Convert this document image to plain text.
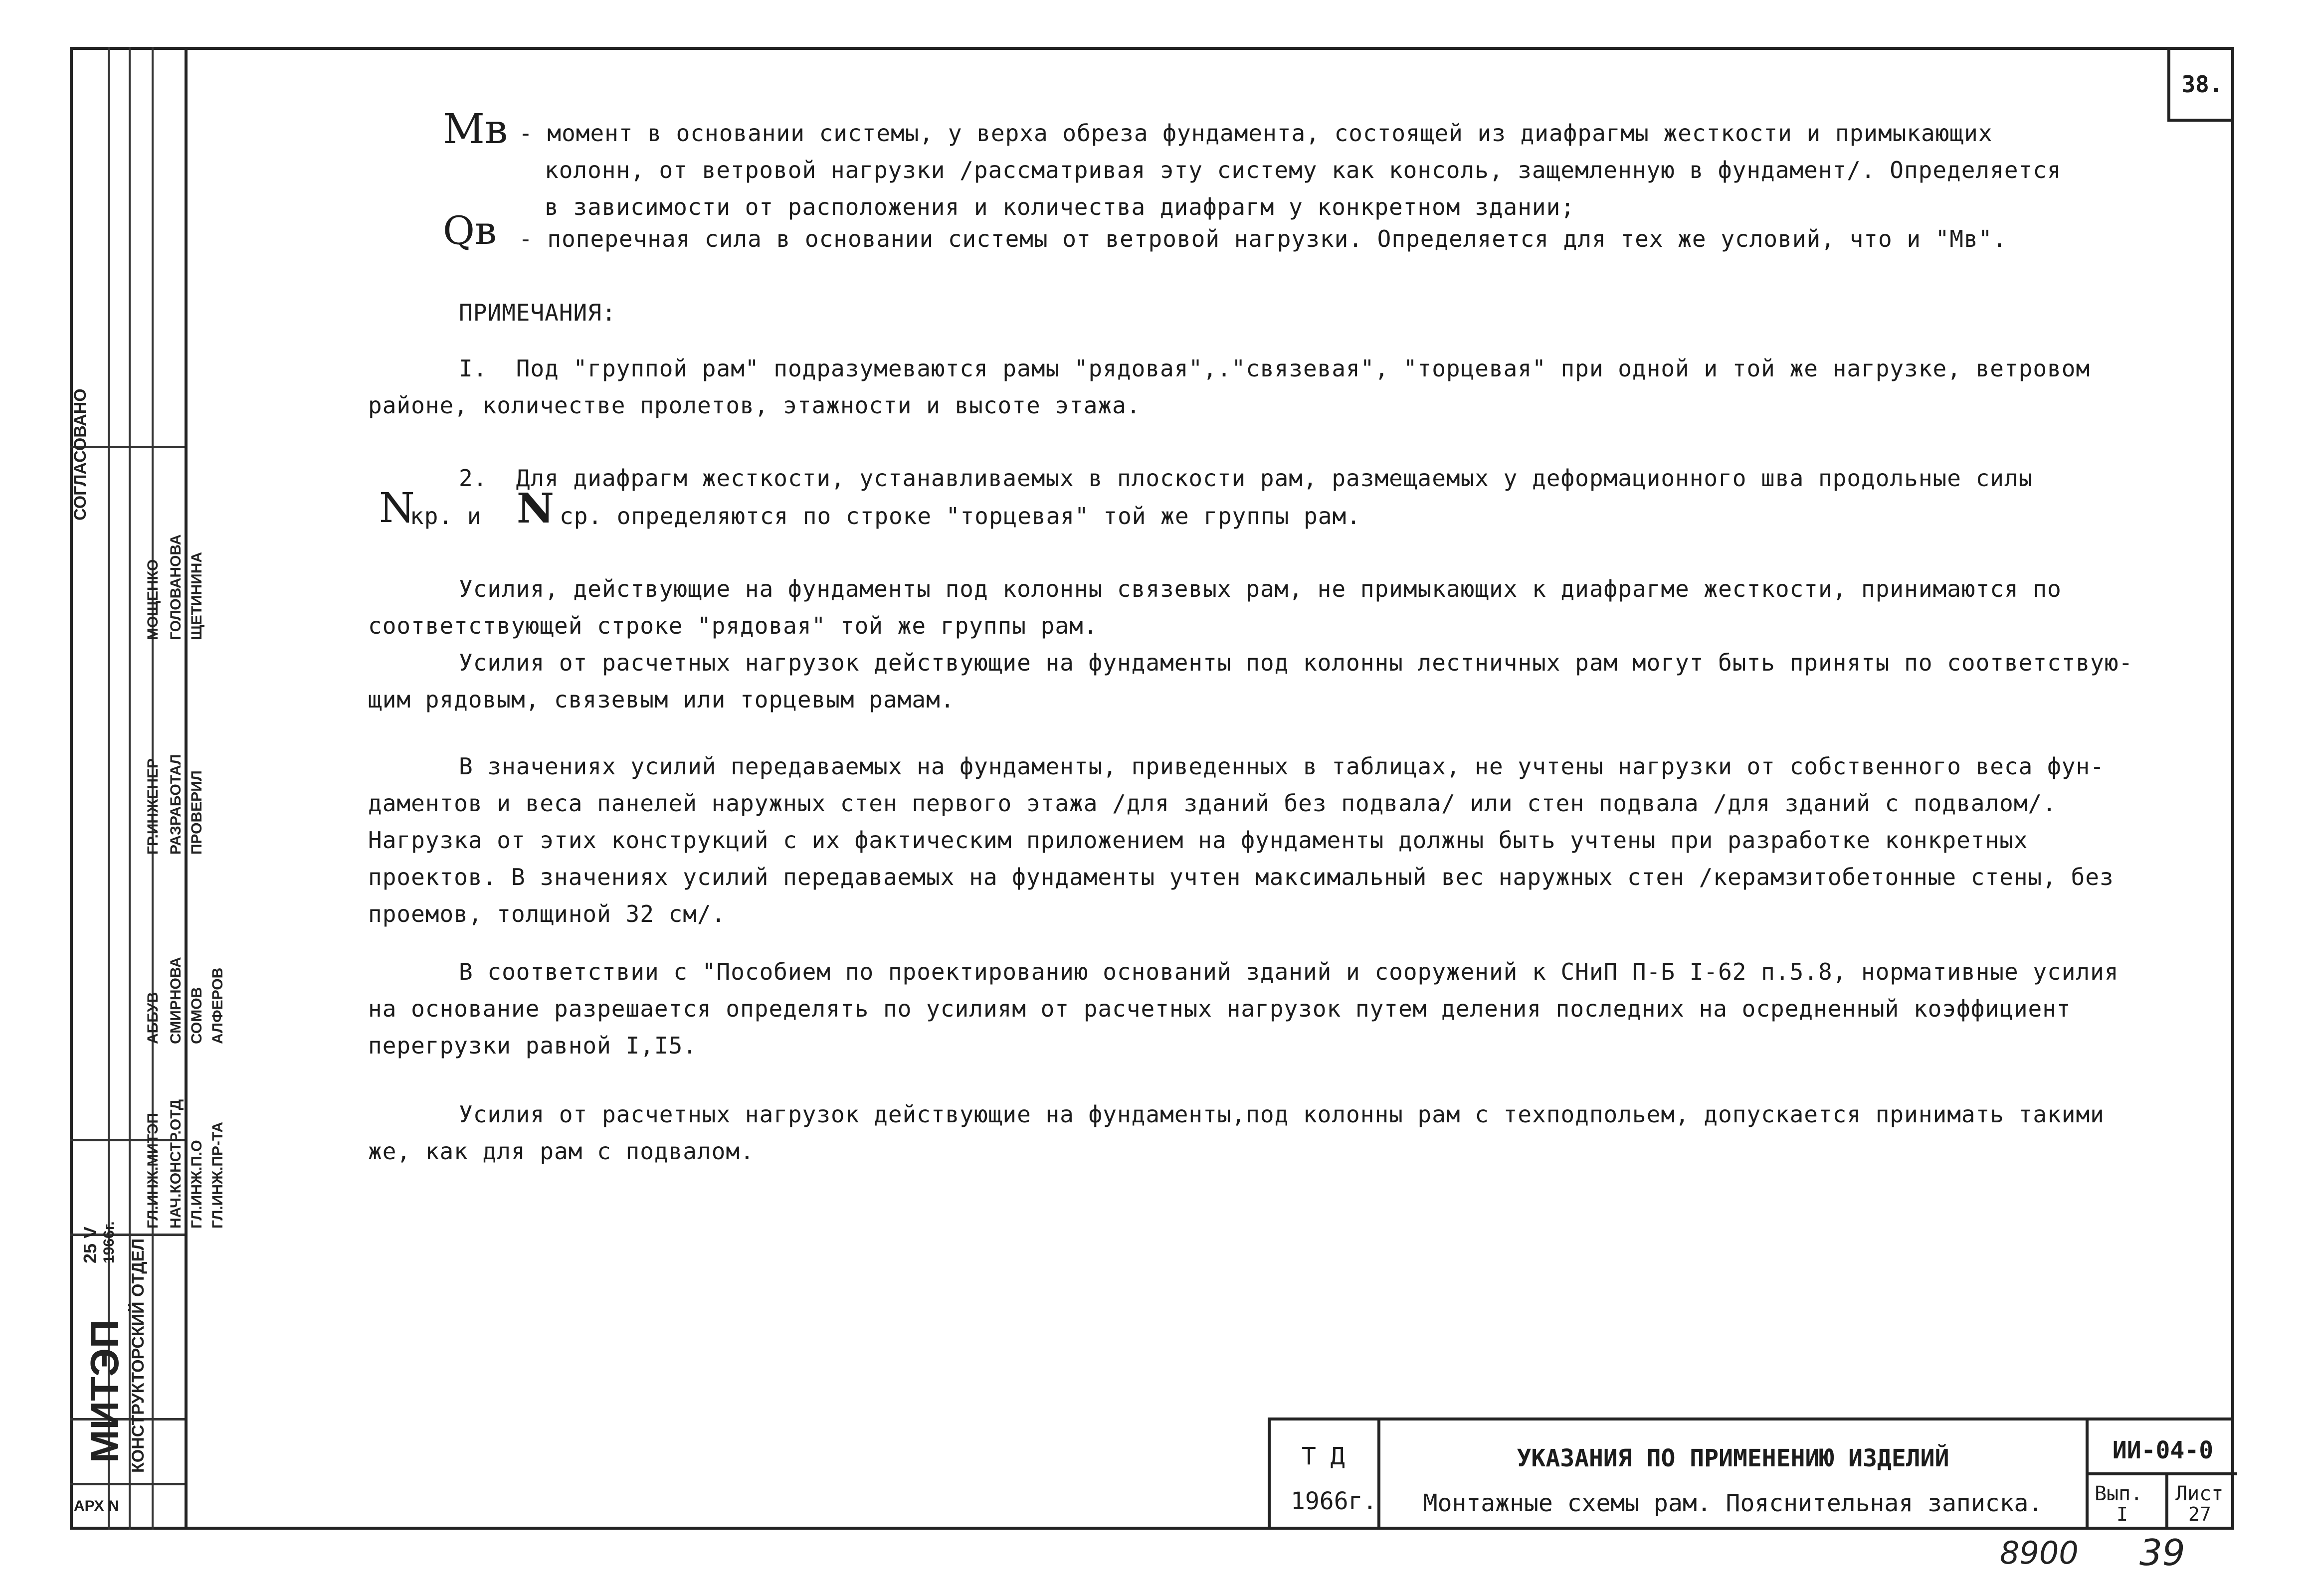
СОГЛАСОВАНО
МОЩЕНКО ГОЛОВАНОВА ЩЕТИНИНА
ГР.ИНЖЕНЕР РАЗРАБОТАЛ ПРОВЕРИЛ
АББУВ СМИРНОВА СОМОВ АЛФЕРОВ
ГЛ.ИНЖ.МИТЭП НАЧ.КОНСТР.ОТД ГЛ.ИНЖ.П.О ГЛ.ИНЖ.ПР-ТА
25 V 1966г.
МИТЭП КОНСТРУКТОРСКИЙ ОТДЕЛ
АРХ N
38.
Mв - момент в основании системы, у верха обреза фундамента, состоящей из диафрагмы жесткости и примыкающих
колонн, от ветровой нагрузки /рассматривая эту систему как консоль, защемленную в фундамент/. Определяется
в зависимости от расположения и количества диафрагм у конкретном здании;
Qв - поперечная сила в основании системы от ветровой нагрузки. Определяется для тех же условий, что и "Mв".
ПРИМЕЧАНИЯ:
I.  Под "группой рам" подразумеваются рамы "рядовая",."связевая", "торцевая" при одной и той же нагрузке, ветровом
районе, количестве пролетов, этажности и высоте этажа.
2.  Для диафрагм жесткости, устанавливаемых в плоскости рам, размещаемых у деформационного шва продольные силы
N
кр. и N ср. определяются по строке "торцевая" той же группы рам.
Усилия, действующие на фундаменты под колонны связевых рам, не примыкающих к диафрагме жесткости, принимаются по
соответствующей строке "рядовая" той же группы рам.
Усилия от расчетных нагрузок действующие на фундаменты под колонны лестничных рам могут быть приняты по соответствую-
щим рядовым, связевым или торцевым рамам.
В значениях усилий передаваемых на фундаменты, приведенных в таблицах, не учтены нагрузки от собственного веса фун-
даментов и веса панелей наружных стен первого этажа /для зданий без подвала/ или стен подвала /для зданий с подвалом/.
Нагрузка от этих конструкций с их фактическим приложением на фундаменты должны быть учтены при разработке конкретных
проектов. В значениях усилий передаваемых на фундаменты учтен максимальный вес наружных стен /керамзитобетонные стены, без
проемов, толщиной 32 см/.
В соответствии с "Пособием по проектированию оснований зданий и сооружений к СНиП П-Б I-62 п.5.8, нормативные усилия
на основание разрешается определять по усилиям от расчетных нагрузок путем деления последних на осредненный коэффициент
перегрузки равной I,I5.
Усилия от расчетных нагрузок действующие на фундаменты,под колонны рам с техподпольем, допускается принимать такими
же, как для рам с подвалом.
Т Д
1966г.
УКАЗАНИЯ ПО ПРИМЕНЕНИЮ ИЗДЕЛИЙ
Монтажные схемы рам. Пояснительная записка.
ИИ-04-0
Вып.
I
Лист
27
8900 39
